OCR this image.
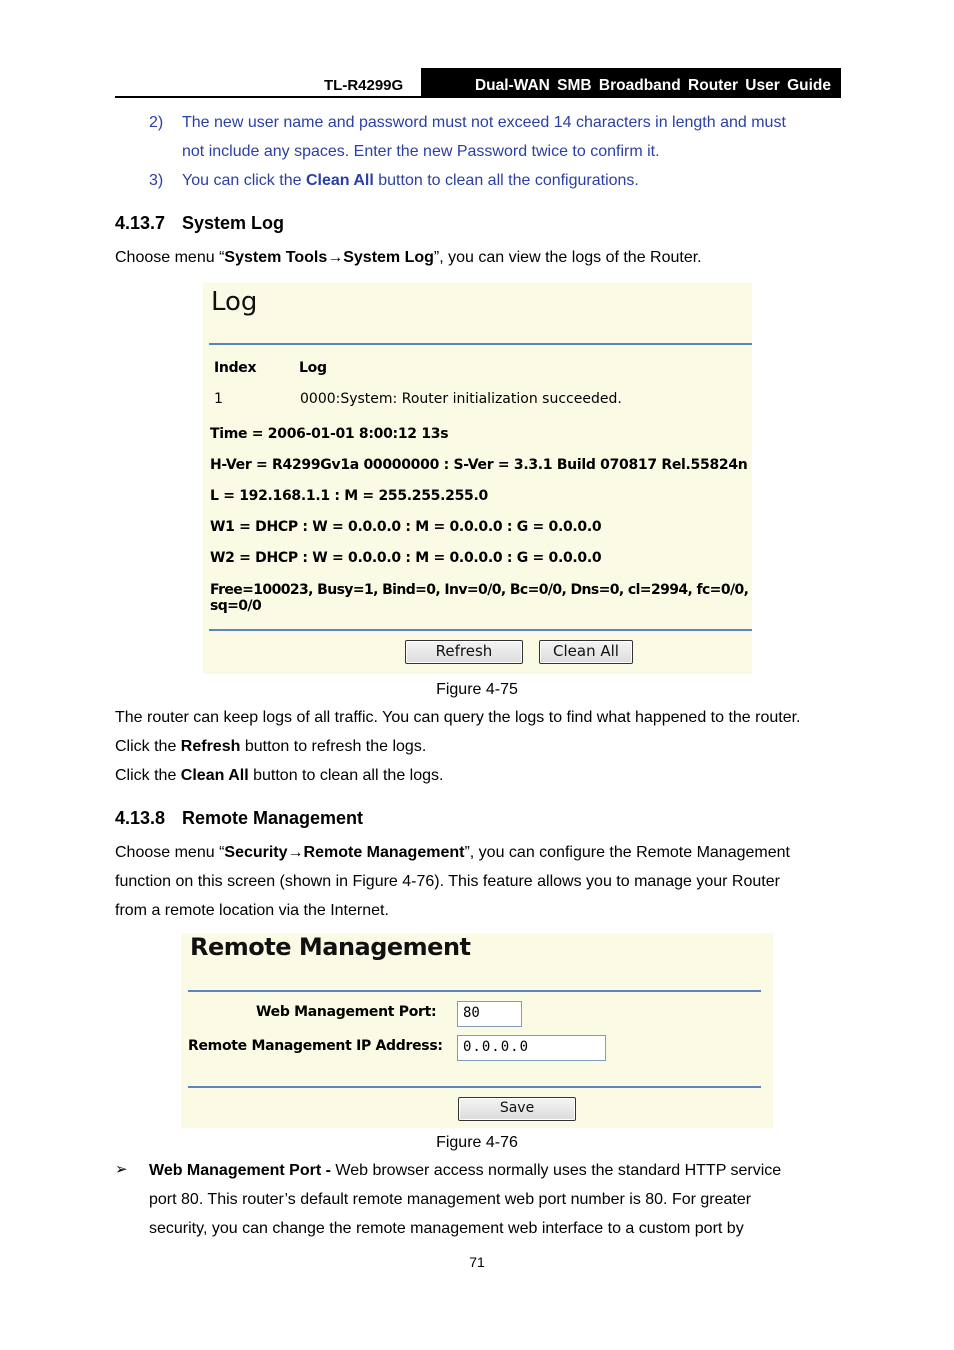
TL-R4299G	Dual-WAN SMB Broadband Router User Guide
2)	The new user name and password must not exceed 14 characters in length and must
not include any spaces. Enter the new Password twice to confirm it.
3)	You can click the Clean All button to clean all the configurations.
4.13.7 System Log
Choose menu “System Tools→System Log”, you can view the logs of the Router.
Log
Index	Log
1	0000:System: Router initialization succeeded.
Time = 2006-01-01 8:00:12 13s
H-Ver = R4299Gv1a 00000000 : S-Ver = 3.3.1 Build 070817 Rel.55824n
L = 192.168.1.1 : M = 255.255.255.0
W1 = DHCP : W = 0.0.0.0 : M = 0.0.0.0 : G = 0.0.0.0
W2 = DHCP : W = 0.0.0.0 : M = 0.0.0.0 : G = 0.0.0.0
Free=100023, Busy=1, Bind=0, Inv=0/0, Bc=0/0, Dns=0, cl=2994, fc=0/0, sq=0/0
Refresh	Clean All
Figure 4-75
The router can keep logs of all traffic. You can query the logs to find what happened to the router.
Click the Refresh button to refresh the logs.
Click the Clean All button to clean all the logs.
4.13.8 Remote Management
Choose menu “Security→Remote Management”, you can configure the Remote Management
function on this screen (shown in Figure 4-76). This feature allows you to manage your Router
from a remote location via the Internet.
Remote Management
Web Management Port:	80
Remote Management IP Address:	0.0.0.0
Save
Figure 4-76
➢ Web Management Port - Web browser access normally uses the standard HTTP service
port 80. This router’s default remote management web port number is 80. For greater
security, you can change the remote management web interface to a custom port by
71
